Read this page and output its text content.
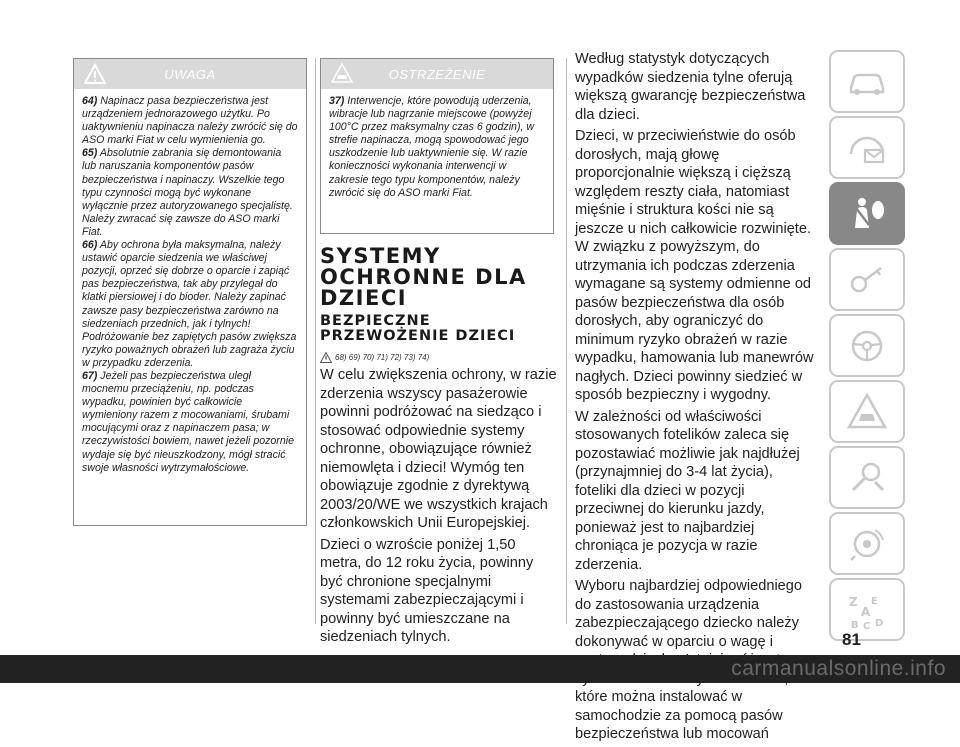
UWAGA

64) Napinacz pasa bezpieczeństwa jest urządzeniem jednorazowego użytku. Po uaktywnieniu napinacza należy zwrócić się do ASO marki Fiat w celu wymienienia go.

65) Absolutnie zabrania się demontowania lub naruszania komponentów pasów bezpieczeństwa i napinaczy. Wszelkie tego typu czynności mogą być wykonane wyłącznie przez autoryzowanego specjalistę. Należy zwracać się zawsze do ASO marki Fiat.

66) Aby ochrona była maksymalna, należy ustawić oparcie siedzenia we właściwej pozycji, oprzeć się dobrze o oparcie i zapiąć pas bezpieczeństwa, tak aby przylegał do klatki piersiowej i do bioder. Należy zapinać zawsze pasy bezpieczeństwa zarówno na siedzeniach przednich, jak i tylnych! Podróżowanie bez zapiętych pasów zwiększa ryzyko poważnych obrażeń lub zagraża życiu w przypadku zderzenia.

67) Jeżeli pas bezpieczeństwa uległ mocnemu przeciążeniu, np. podczas wypadku, powinien być całkowicie wymieniony razem z mocowaniami, śrubami mocującymi oraz z napinaczem pasa; w rzeczywistości bowiem, nawet jeżeli pozornie wydaje się być nieuszkodzony, mógł stracić swoje własności wytrzymałościowe.

OSTRZEŻENIE

37) Interwencje, które powodują uderzenia, wibracje lub nagrzanie miejscowe (powyżej 100°C przez maksymalny czas 6 godzin), w strefie napinacza, mogą spowodować jego uszkodzenie lub uaktywnienie się. W razie konieczności wykonania interwencji w zakresie tego typu komponentów, należy zwrócić się do ASO marki Fiat.

SYSTEMY OCHRONNE DLA DZIECI
BEZPIECZNE PRZEWOŻENIE DZIECI
68) 69) 70) 71) 72) 73) 74)

W celu zwiększenia ochrony, w razie zderzenia wszyscy pasażerowie powinni podróżować na siedząco i stosować odpowiednie systemy ochronne, obowiązujące również niemowlęta i dzieci! Wymóg ten obowiązuje zgodnie z dyrektywą 2003/20/WE we wszystkich krajach członkowskich Unii Europejskiej.

Dzieci o wzroście poniżej 1,50 metra, do 12 roku życia, powinny być chronione specjalnymi systemami zabezpieczającymi i powinny być umieszczane na siedzeniach tylnych.

Według statystyk dotyczących wypadków siedzenia tylne oferują większą gwarancję bezpieczeństwa dla dzieci.

Dzieci, w przeciwieństwie do osób dorosłych, mają głowę proporcjonalnie większą i cięższą względem reszty ciała, natomiast mięśnie i struktura kości nie są jeszcze u nich całkowicie rozwinięte. W związku z powyższym, do utrzymania ich podczas zderzenia wymagane są systemy odmienne od pasów bezpieczeństwa dla osób dorosłych, aby ograniczyć do minimum ryzyko obrażeń w razie wypadku, hamowania lub manewrów nagłych. Dzieci powinny siedzieć w sposób bezpieczny i wygodny.

W zależności od właściwości stosowanych fotelików zaleca się pozostawiać możliwie jak najdłużej (przynajmniej do 3-4 lat życia), foteliki dla dzieci w pozycji przeciwnej do kierunku jazdy, ponieważ jest to najbardziej chroniąca je pozycja w razie zderzenia.

Wyboru najbardziej odpowiedniego do zastosowania urządzenia zabezpieczającego dziecko należy dokonywać w oparciu o wagę i które można instalować w samochodzie za pomocą pasów bezpieczeństwa lub mocowań

Z E
A
B C D
81
carmanualsonline.info
